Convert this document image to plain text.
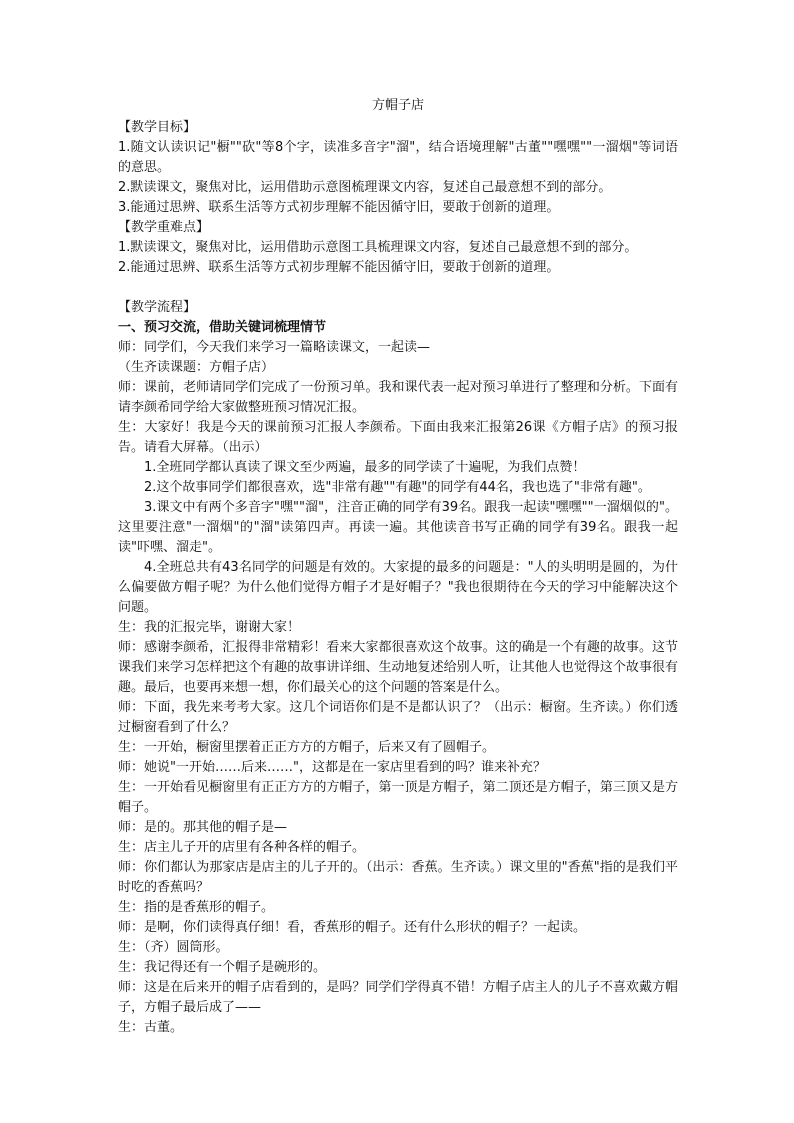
方帽子店

【教学目标】

1.随文认读识记"橱""砍"等8个字，读准多音字"溜"，结合语境理解"古董""嘿嘿""一溜烟"等词语的意思。

2.默读课文，聚焦对比，运用借助示意图梳理课文内容，复述自己最意想不到的部分。

3.能通过思辨、联系生活等方式初步理解不能因循守旧，要敢于创新的道理。

【教学重难点】

1.默读课文，聚焦对比，运用借助示意图工具梳理课文内容，复述自己最意想不到的部分。

2.能通过思辨、联系生活等方式初步理解不能因循守旧，要敢于创新的道理。

【教学流程】

一、预习交流，借助关键词梳理情节

师：同学们，今天我们来学习一篇略读课文，一起读—

（生齐读课题：方帽子店）

师：课前，老师请同学们完成了一份预习单。我和课代表一起对预习单进行了整理和分析。下面有请李颜希同学给大家做整班预习情况汇报。

生：大家好！我是今天的课前预习汇报人李颜希。下面由我来汇报第26课《方帽子店》的预习报告。请看大屏幕。（出示）

1.全班同学都认真读了课文至少两遍，最多的同学读了十遍呢，为我们点赞！

2.这个故事同学们都很喜欢，选"非常有趣""有趣"的同学有44名，我也选了"非常有趣"。

3.课文中有两个多音字"嘿""溜"，注音正确的同学有39名。跟我一起读"嘿嘿""一溜烟似的"。这里要注意"一溜烟"的"溜"读第四声。再读一遍。其他读音书写正确的同学有39名。跟我一起读"吓嘿、溜走"。

4.全班总共有43名同学的问题是有效的。大家提的最多的问题是："人的头明明是圆的，为什么偏要做方帽子呢？为什么他们觉得方帽子才是好帽子？"我也很期待在今天的学习中能解决这个问题。

生：我的汇报完毕，谢谢大家！

师：感谢李颜希，汇报得非常精彩！看来大家都很喜欢这个故事。这的确是一个有趣的故事。这节课我们来学习怎样把这个有趣的故事讲详细、生动地复述给别人听，让其他人也觉得这个故事很有趣。最后，也要再来想一想，你们最关心的这个问题的答案是什么。

师：下面，我先来考考大家。这几个词语你们是不是都认识了？（出示：橱窗。生齐读。）你们透过橱窗看到了什么？

生：一开始，橱窗里摆着正正方方的方帽子，后来又有了圆帽子。

师：她说"一开始……后来……"，这都是在一家店里看到的吗？谁来补充？

生：一开始看见橱窗里有正正方方的方帽子，第一顶是方帽子，第二顶还是方帽子，第三顶又是方帽子。

师：是的。那其他的帽子是—

生：店主儿子开的店里有各种各样的帽子。

师：你们都认为那家店是店主的儿子开的。（出示：香蕉。生齐读。）课文里的"香蕉"指的是我们平时吃的香蕉吗？

生：指的是香蕉形的帽子。

师：是啊，你们读得真仔细！看，香蕉形的帽子。还有什么形状的帽子？一起读。

生：（齐）圆筒形。

生：我记得还有一个帽子是碗形的。

师：这是在后来开的帽子店看到的，是吗？同学们学得真不错！方帽子店主人的儿子不喜欢戴方帽子，方帽子最后成了——

生：古董。
